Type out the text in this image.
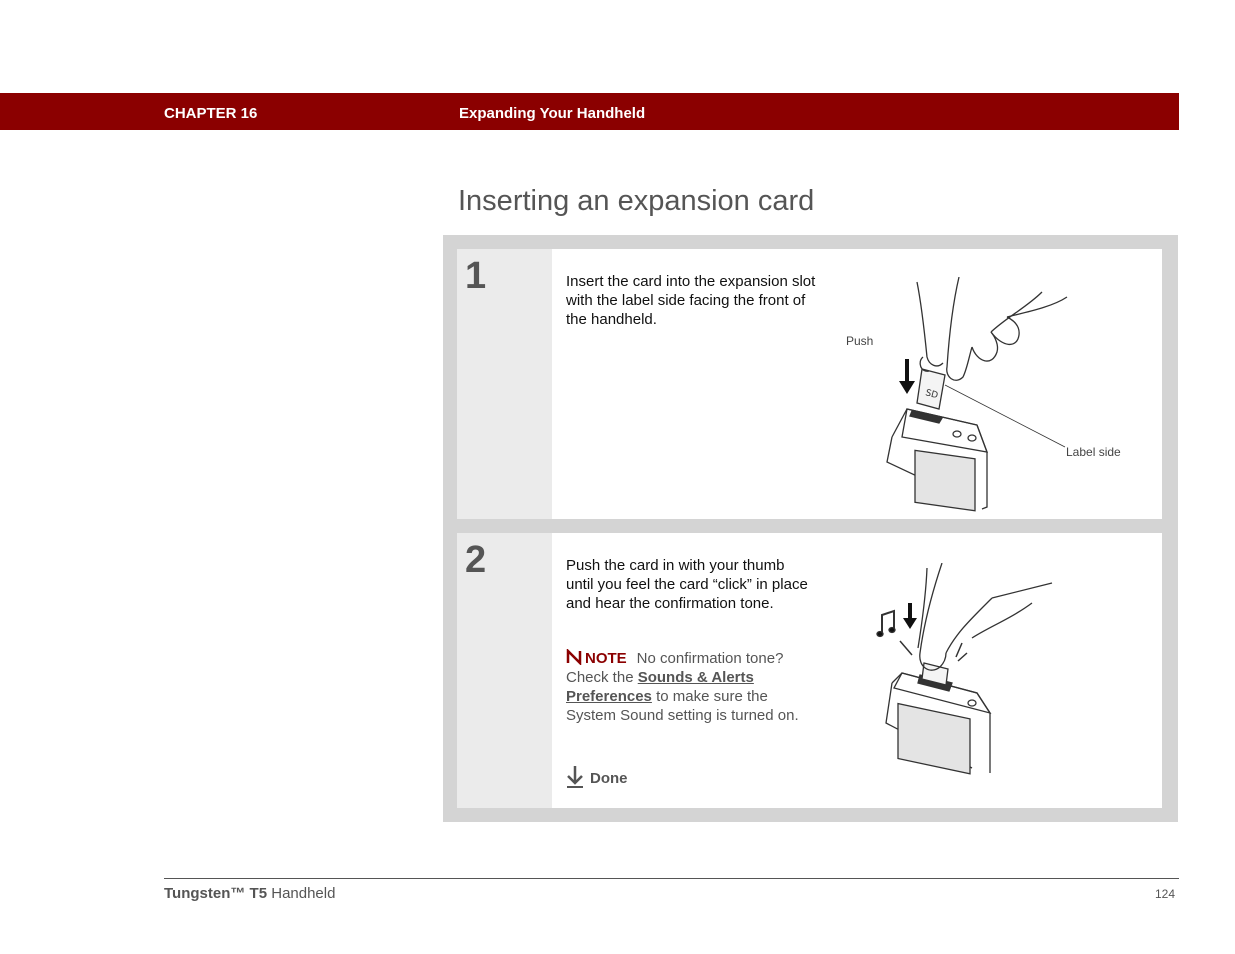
CHAPTER 16	Expanding Your Handheld
Inserting an expansion card
1	Insert the card into the expansion slot with the label side facing the front of the handheld.
Push
Label side
SD
2	Push the card in with your thumb until you feel the card “click” in place and hear the confirmation tone.
NOTE No confirmation tone? Check the Sounds & Alerts Preferences to make sure the System Sound setting is turned on.
Done
Tungsten™ T5 Handheld	124
